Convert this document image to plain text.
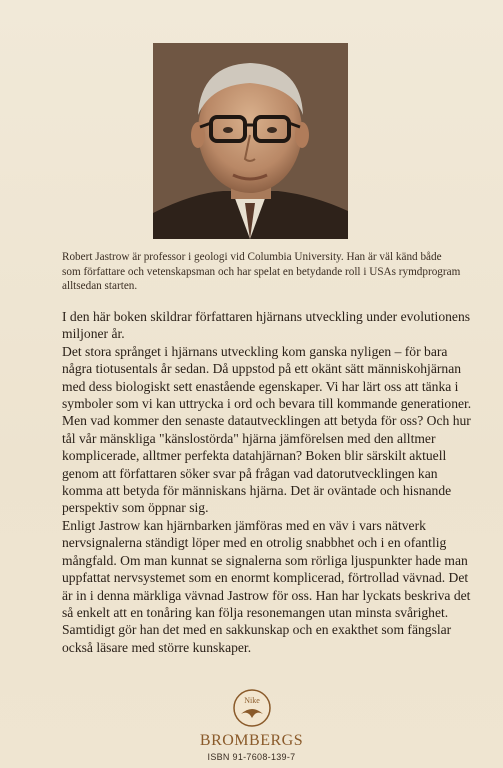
Robert Jastrow är professor i geologi vid Columbia University. Han är väl känd både som författare och vetenskapsman och har spelat en betydande roll i USAs rymdprogram alltsedan starten.

I den här boken skildrar författaren hjärnans utveckling under evolutionens miljoner år.

Det stora språnget i hjärnans utveckling kom ganska nyligen – för bara några tiotusentals år sedan. Då uppstod på ett okänt sätt människohjärnan med dess biologiskt sett enastående egenskaper. Vi har lärt oss att tänka i symboler som vi kan uttrycka i ord och bevara till kommande generationer. Men vad kommer den senaste datautvecklingen att betyda för oss? Och hur tål vår mänskliga "känslostörda" hjärna jämförelsen med den alltmer komplicerade, alltmer perfekta datahjärnan? Boken blir särskilt aktuell genom att författaren söker svar på frågan vad datorutvecklingen kan komma att betyda för människans hjärna. Det är oväntade och hisnande perspektiv som öppnar sig.

Enligt Jastrow kan hjärnbarken jämföras med en väv i vars nätverk nervsignalerna ständigt löper med en otrolig snabbhet och i en ofantlig mångfald. Om man kunnat se signalerna som rörliga ljuspunkter hade man uppfattat nervsystemet som en enormt komplicerad, förtrollad vävnad. Det är in i denna märkliga vävnad Jastrow för oss. Han har lyckats beskriva det så enkelt att en tonåring kan följa resonemangen utan minsta svårighet. Samtidigt gör han det med en sakkunskap och en exakthet som fängslar också läsare med större kunskaper.

Nike
BROMBERGS
ISBN 91-7608-139-7
